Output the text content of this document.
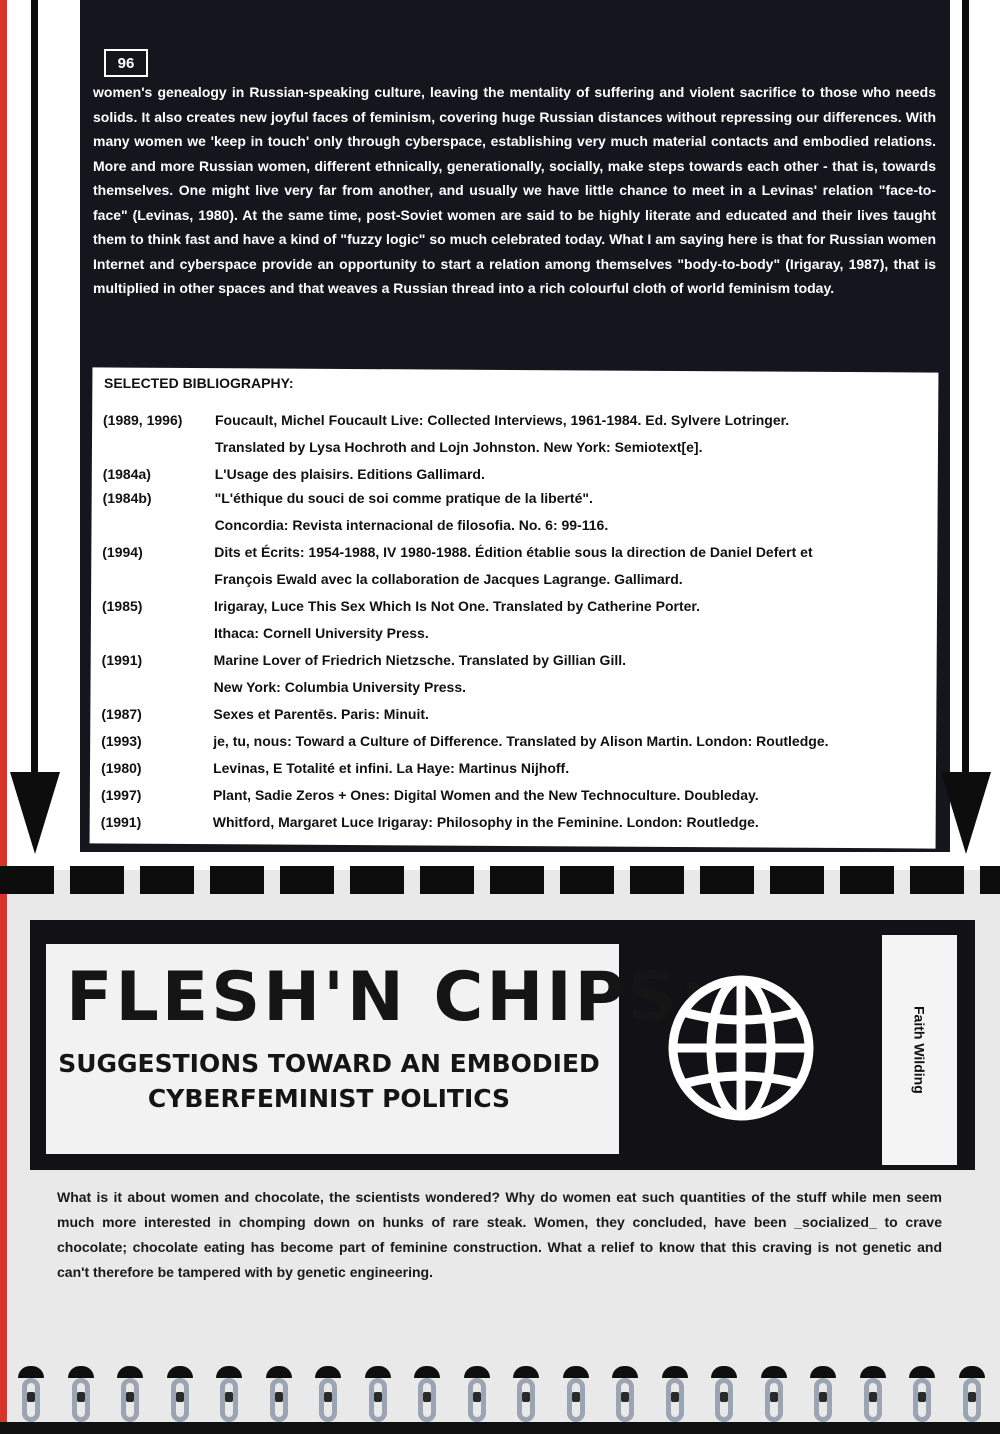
96

women's genealogy in Russian-speaking culture, leaving the mentality of suffering and violent sacrifice to those who needs solids. It also creates new joyful faces of feminism, covering huge Russian distances without repressing our differences. With many women we 'keep in touch' only through cyberspace, establishing very much material contacts and embodied relations. More and more Russian women, different ethnically, generationally, socially, make steps towards each other - that is, towards themselves. One might live very far from another, and usually we have little chance to meet in a Levinas' relation "face-to-face" (Levinas, 1980). At the same time, post-Soviet women are said to be highly literate and educated and their lives taught them to think fast and have a kind of "fuzzy logic" so much celebrated today. What I am saying here is that for Russian women Internet and cyberspace provide an opportunity to start a relation among themselves "body-to-body" (Irigaray, 1987), that is multiplied in other spaces and that weaves a Russian thread into a rich colourful cloth of world feminism today.

SELECTED BIBLIOGRAPHY:

(1989, 1996) Foucault, Michel Foucault Live: Collected Interviews, 1961-1984. Ed. Sylvere Lotringer.
Translated by Lysa Hochroth and Lojn Johnston. New York: Semiotext[e].
(1984a)	L'Usage des plaisirs. Editions Gallimard.
(1984b)	"L'éthique du souci de soi comme pratique de la liberté".
Concordia: Revista internacional de filosofia. No. 6: 99-116.
(1994)	Dits et Écrits: 1954-1988, IV 1980-1988. Édition établie sous la direction de Daniel Defert et
François Ewald avec la collaboration de Jacques Lagrange. Gallimard.
(1985)	Irigaray, Luce This Sex Which Is Not One. Translated by Catherine Porter.
Ithaca: Cornell University Press.
(1991)	Marine Lover of Friedrich Nietzsche. Translated by Gillian Gill.
New York: Columbia University Press.
(1987)	Sexes et Parentēs. Paris: Minuit.
(1993)	je, tu, nous: Toward a Culture of Difference. Translated by Alison Martin. London: Routledge.
(1980)	Levinas, E Totalité et infini. La Haye: Martinus Nijhoff.
(1997)	Plant, Sadie Zeros + Ones: Digital Women and the New Technoculture. Doubleday.
(1991)	Whitford, Margaret Luce Irigaray: Philosophy in the Feminine. London: Routledge.
FLESH'N CHIPS:

SUGGESTIONS TOWARD AN EMBODIED
CYBERFEMINIST POLITICS

Faith Wilding

What is it about women and chocolate, the scientists wondered? Why do women eat such quantities of the stuff while men seem much more interested in chomping down on hunks of rare steak. Women, they concluded, have been _socialized_ to crave chocolate; chocolate eating has become part of feminine construction. What a relief to know that this craving is not genetic and can't therefore be tampered with by genetic engineering.
